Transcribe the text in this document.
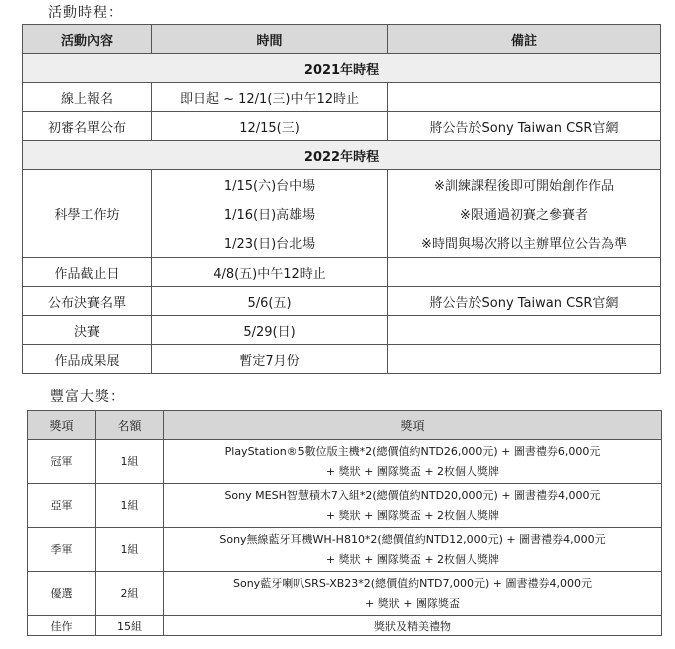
活動時程：
活動內容	時間	備註
2021年時程		
線上報名	即日起 ~ 12/1(三)中午12時止	
初審名單公布	12/15(三)	將公告於Sony Taiwan CSR官網
2022年時程		
科學工作坊	1/15(六)台中場	※訓練課程後即可開始創作作品
	1/16(日)高雄場	※限通過初賽之參賽者
	1/23(日)台北場	※時間與場次將以主辦單位公告為準
作品截止日	4/8(五)中午12時止	
公布決賽名單	5/6(五)	將公告於Sony Taiwan CSR官網
決賽	5/29(日)	
作品成果展	暫定7月份	
豐富大獎：
獎項	名額	獎項
冠軍	1組	PlayStation®5數位版主機*2(總價值約NTD26,000元) + 圖書禮券6,000元
+ 獎狀 + 團隊獎盃 + 2枚個人獎牌

亞軍	1組	Sony MESH智慧積木7入組*2(總價值約NTD20,000元) + 圖書禮券4,000元
+ 獎狀 + 團隊獎盃 + 2枚個人獎牌

季軍	1組	Sony無線藍牙耳機WH-H810*2(總價值約NTD12,000元) + 圖書禮券4,000元
+ 獎狀 + 團隊獎盃 + 2枚個人獎牌

優選	2組	Sony藍牙喇叭SRS-XB23*2(總價值約NTD7,000元) + 圖書禮券4,000元
+ 獎狀 + 團隊獎盃

佳作	15組	獎狀及精美禮物
